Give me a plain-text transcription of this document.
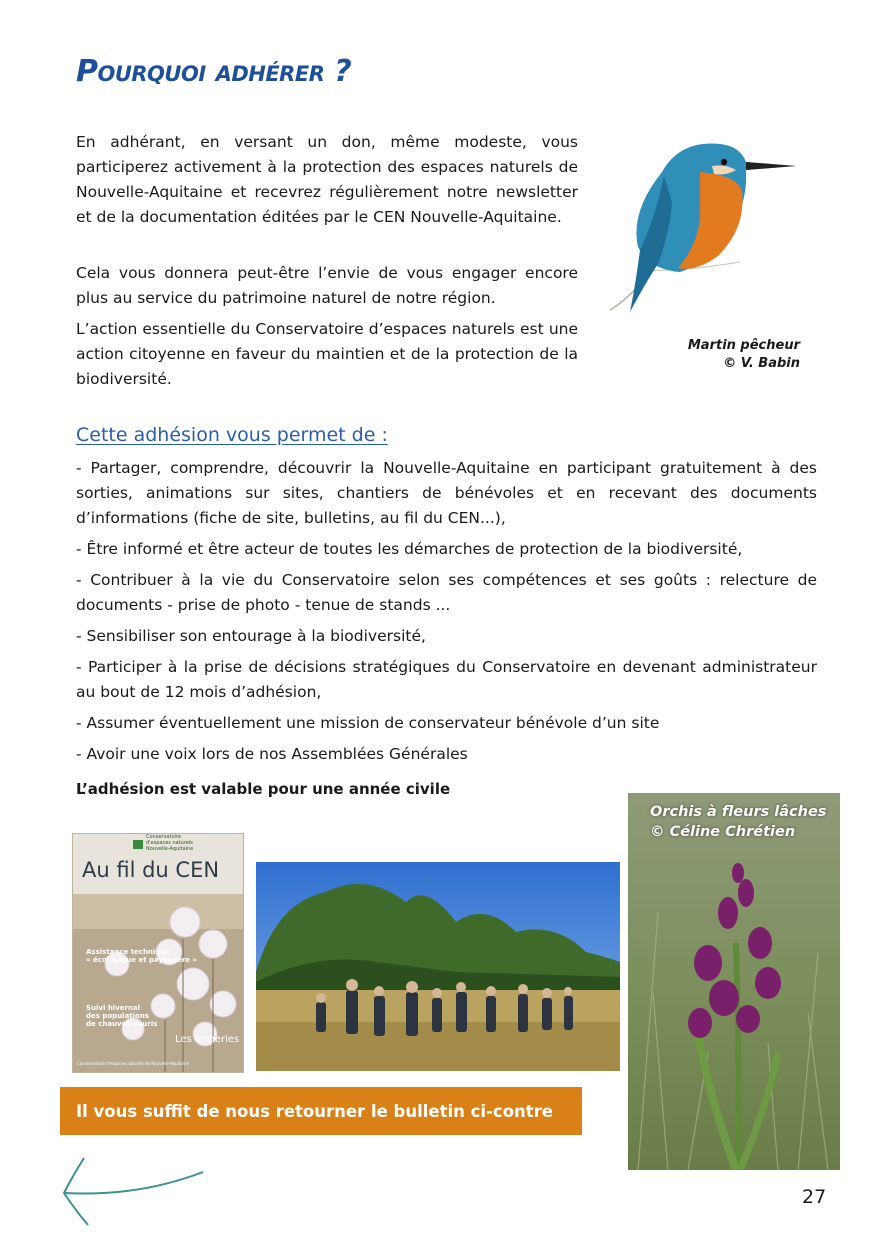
Pourquoi adhérer ?

En adhérant, en versant un don, même modeste, vous participerez activement à la protection des espaces naturels de Nouvelle-Aquitaine et recevrez régulièrement notre newsletter et de la documentation éditées par le CEN Nouvelle-Aquitaine.

Cela vous donnera peut-être l’envie de vous engager encore plus au service du patrimoine naturel de notre région.

L’action essentielle du Conservatoire d’espaces naturels est une action citoyenne en faveur du maintien et de la protection de la biodiversité.

Martin pêcheur
© V. Babin
Cette adhésion vous permet de :

- Partager, comprendre, découvrir la Nouvelle-Aquitaine en participant gratuitement à des sorties, animations sur sites, chantiers de bénévoles et en recevant des documents d’informations (fiche de site, bulletins, au fil du CEN...),

- Être informé et être acteur de toutes les démarches de protection de la biodiversité,

- Contribuer à la vie du Conservatoire selon ses compétences et ses goûts : relecture de documents - prise de photo - tenue de stands ...

- Sensibiliser son entourage à la biodiversité,

- Participer à la prise de décisions stratégiques du Conservatoire en devenant administrateur au bout de 12 mois d’adhésion,

- Assumer éventuellement une mission de conservateur bénévole d’un site

- Avoir une voix lors de nos Assemblées Générales

L’adhésion est valable pour une année civile

Orchis à fleurs lâches
© Céline Chrétien
Conservatoire d'espaces naturels Nouvelle-Aquitaine
Au fil du CEN
Assistance technique
« écologique et paysagère »
Suivi hivernal
des populations
de chauves-souris
Les armeries
Conservatoire d'espaces naturels de Nouvelle-Aquitaine
Il vous suffit de nous retourner le bulletin ci-contre
27
